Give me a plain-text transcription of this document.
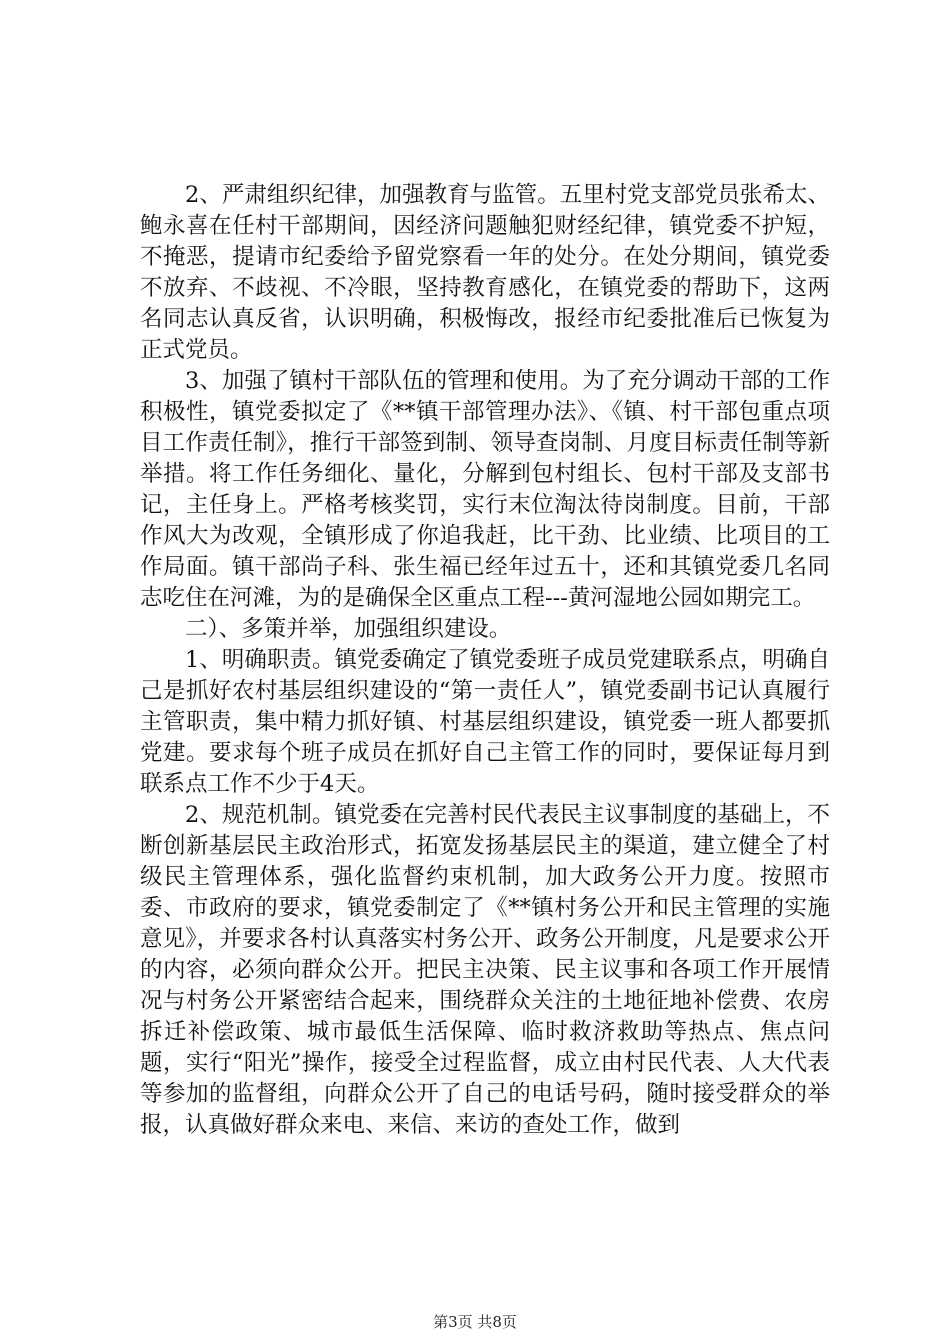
2、严肃组织纪律，加强教育与监管。五里村党支部党员张希太、鲍永喜在任村干部期间，因经济问题触犯财经纪律，镇党委不护短，不掩恶，提请市纪委给予留党察看一年的处分。在处分期间，镇党委不放弃、不歧视、不冷眼，坚持教育感化，在镇党委的帮助下，这两名同志认真反省，认识明确，积极悔改，报经市纪委批准后已恢复为正式党员。

3、加强了镇村干部队伍的管理和使用。为了充分调动干部的工作积极性，镇党委拟定了《**镇干部管理办法》、《镇、村干部包重点项目工作责任制》，推行干部签到制、领导查岗制、月度目标责任制等新举措。将工作任务细化、量化，分解到包村组长、包村干部及支部书记，主任身上。严格考核奖罚，实行末位淘汰待岗制度。目前，干部作风大为改观，全镇形成了你追我赶，比干劲、比业绩、比项目的工作局面。镇干部尚子科、张生福已经年过五十，还和其镇党委几名同志吃住在河滩，为的是确保全区重点工程---黄河湿地公园如期完工。

二）、多策并举，加强组织建设。

1、明确职责。镇党委确定了镇党委班子成员党建联系点，明确自己是抓好农村基层组织建设的“第一责任人”，镇党委副书记认真履行主管职责，集中精力抓好镇、村基层组织建设，镇党委一班人都要抓党建。要求每个班子成员在抓好自己主管工作的同时，要保证每月到联系点工作不少于4天。

2、规范机制。镇党委在完善村民代表民主议事制度的基础上，不断创新基层民主政治形式，拓宽发扬基层民主的渠道，建立健全了村级民主管理体系，强化监督约束机制，加大政务公开力度。按照市委、市政府的要求，镇党委制定了《**镇村务公开和民主管理的实施意见》，并要求各村认真落实村务公开、政务公开制度，凡是要求公开的内容，必须向群众公开。把民主决策、民主议事和各项工作开展情况与村务公开紧密结合起来，围绕群众关注的土地征地补偿费、农房拆迁补偿政策、城市最低生活保障、临时救济救助等热点、焦点问题，实行“阳光”操作，接受全过程监督，成立由村民代表、人大代表等参加的监督组，向群众公开了自己的电话号码，随时接受群众的举报，认真做好群众来电、来信、来访的查处工作，做到

第3页 共8页
